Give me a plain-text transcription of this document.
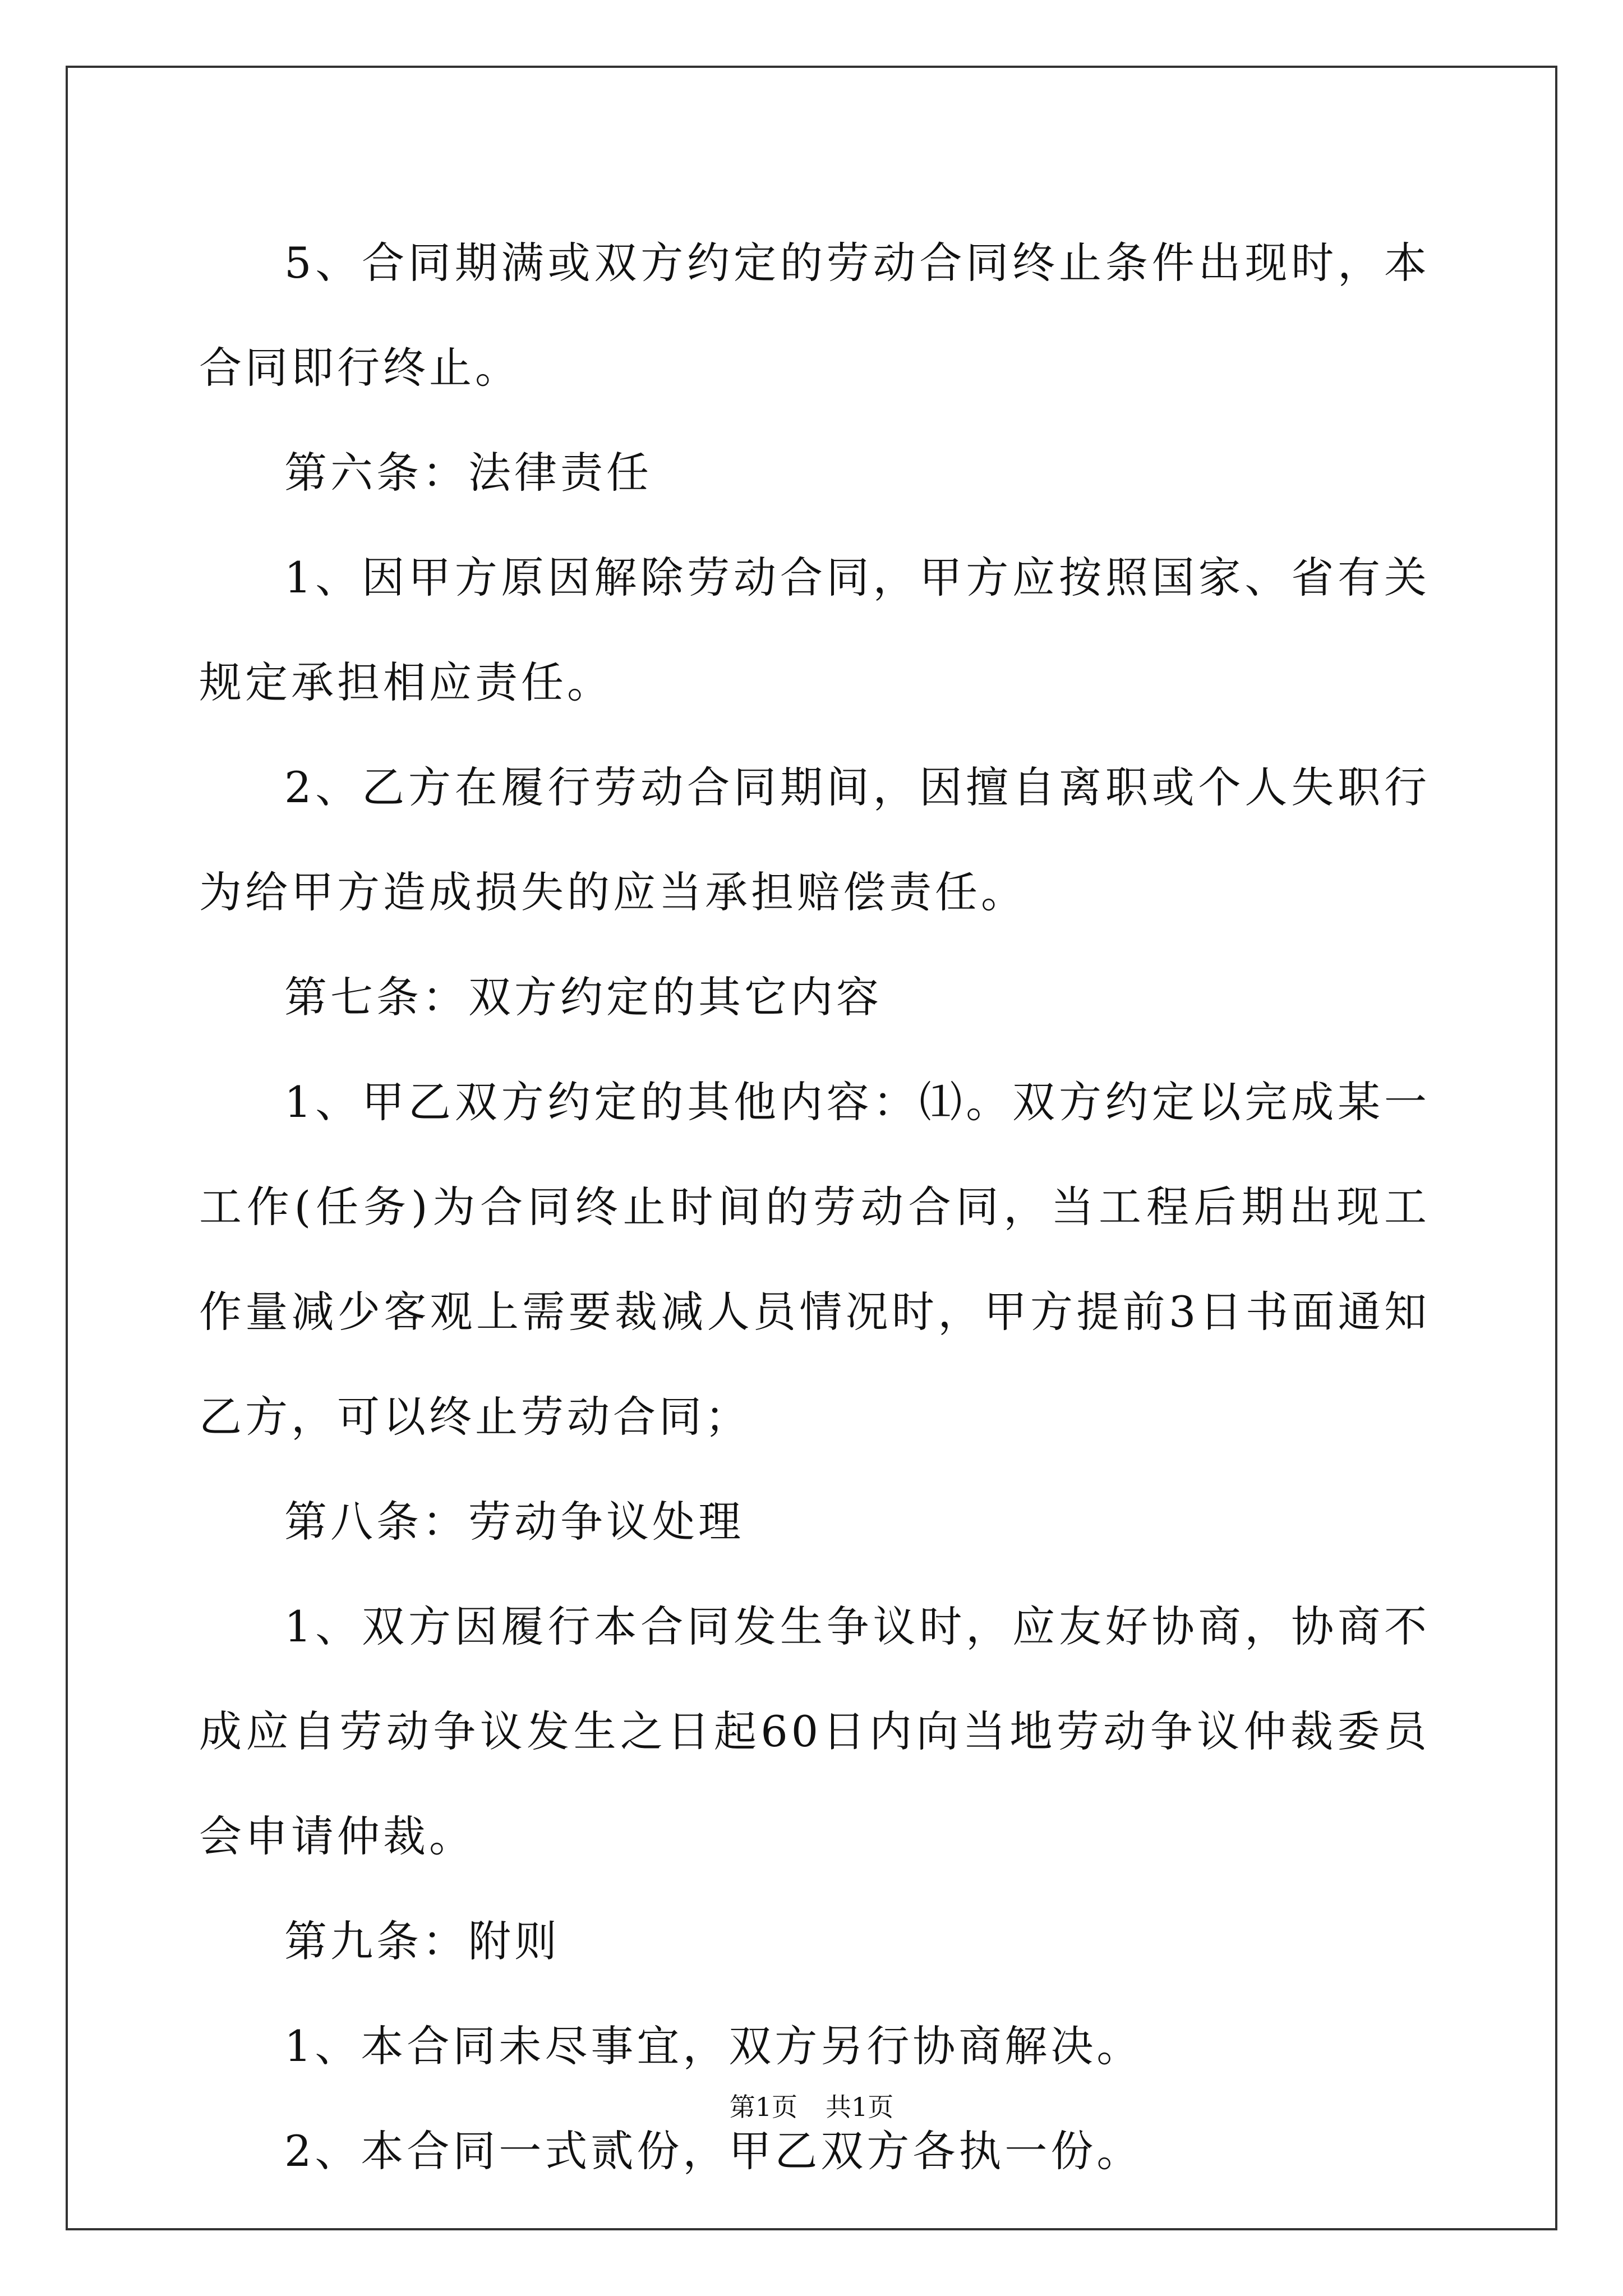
5、合同期满或双方约定的劳动合同终止条件出现时，本合同即行终止。

第六条：法律责任

1、因甲方原因解除劳动合同，甲方应按照国家、省有关规定承担相应责任。

2、乙方在履行劳动合同期间，因擅自离职或个人失职行为给甲方造成损失的应当承担赔偿责任。

第七条：双方约定的其它内容

1、甲乙双方约定的其他内容：⑴。双方约定以完成某一工作(任务)为合同终止时间的劳动合同，当工程后期出现工作量减少客观上需要裁减人员情况时，甲方提前3日书面通知乙方，可以终止劳动合同；

第八条：劳动争议处理

1、双方因履行本合同发生争议时，应友好协商，协商不成应自劳动争议发生之日起60日内向当地劳动争议仲裁委员会申请仲裁。

第九条：附则

1、本合同未尽事宜，双方另行协商解决。

2、本合同一式贰份，甲乙双方各执一份。

第1页 共1页
